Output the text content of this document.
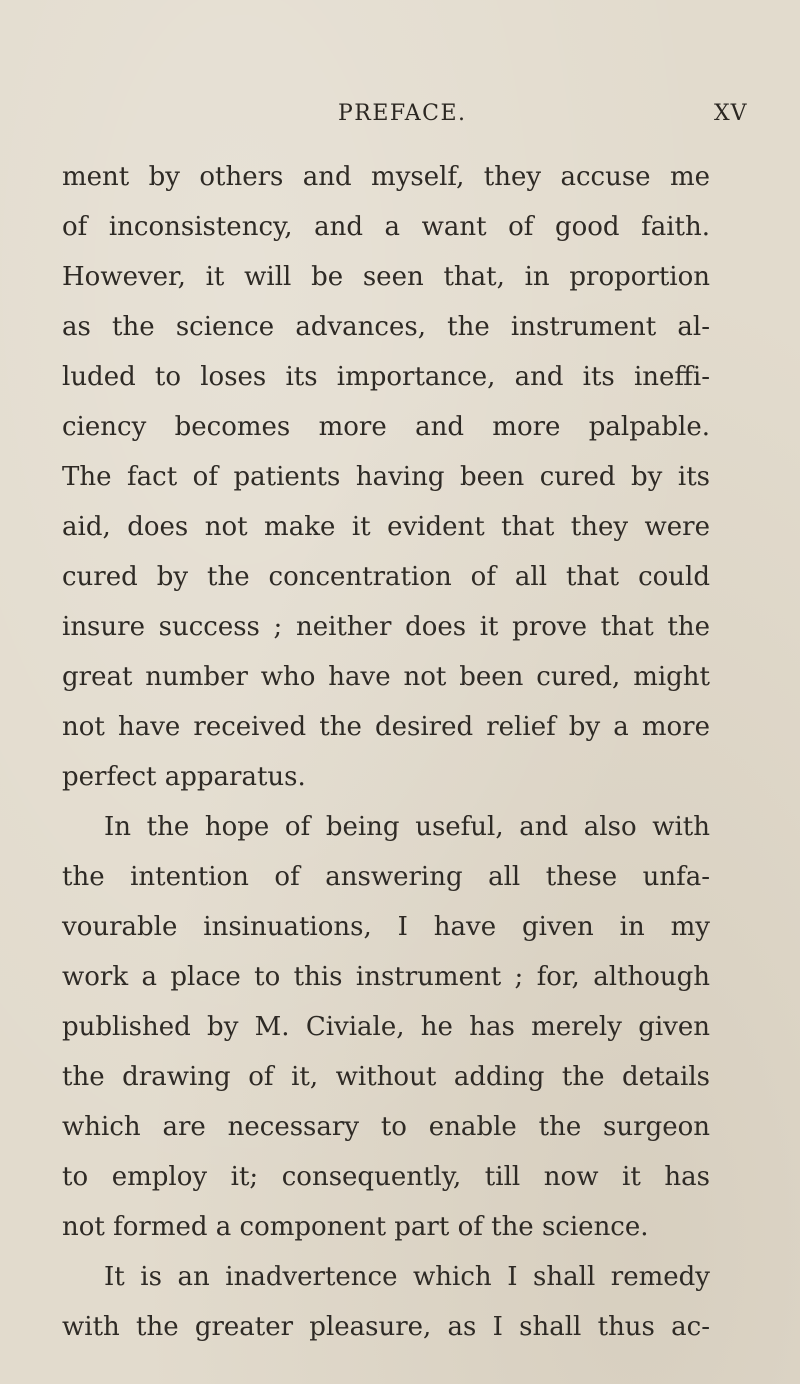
PREFACE.	XV
ment by others and myself, they accuse me
of inconsistency, and a want of good faith.
However, it will be seen that, in proportion
as the science advances, the instrument al-
luded to loses its importance, and its ineffi-
ciency becomes more and more palpable.
The fact of patients having been cured by its
aid, does not make it evident that they were
cured by the concentration of all that could
insure success ; neither does it prove that the
great number who have not been cured, might
not have received the desired relief by a more
perfect apparatus.
In the hope of being useful, and also with
the intention of answering all these unfa-
vourable insinuations, I have given in my
work a place to this instrument ; for, although
published by M. Civiale, he has merely given
the drawing of it, without adding the details
which are necessary to enable the surgeon
to employ it; consequently, till now it has
not formed a component part of the science.
It is an inadvertence which I shall remedy
with the greater pleasure, as I shall thus ac-
